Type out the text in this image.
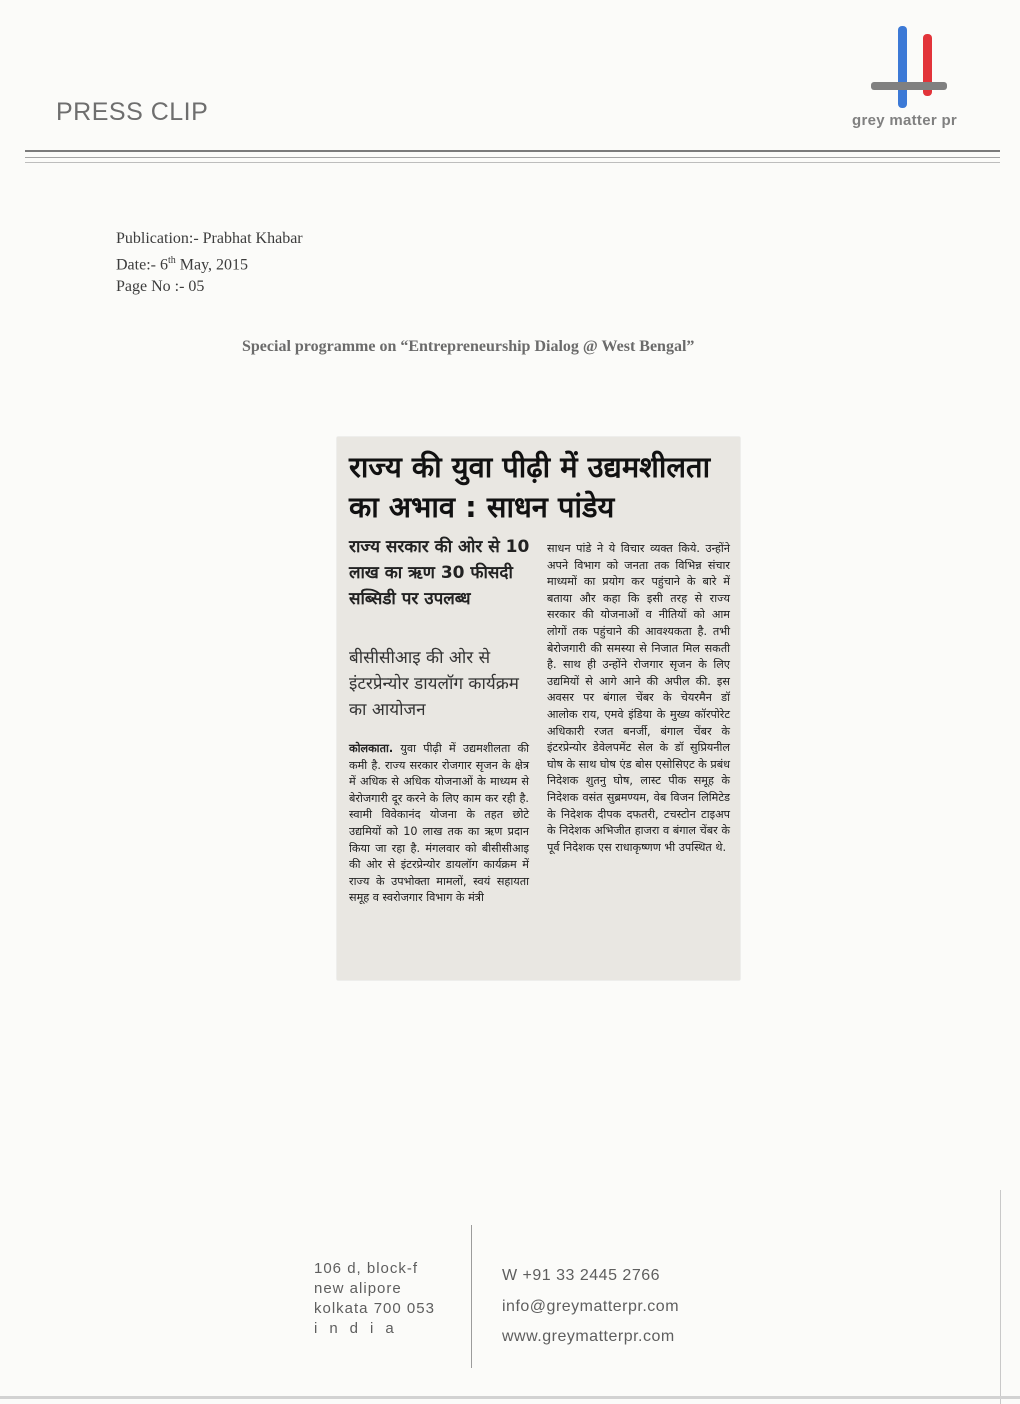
PRESS CLIP	grey matter pr
Publication:- Prabhat Khabar
Date:- 6th May, 2015
Page No :- 05
Special programme on “Entrepreneurship Dialog @ West Bengal”
राज्य की युवा पीढ़ी में उद्यमशीलता का अभाव : साधन पांडेय
राज्य सरकार की ओर से 10 लाख का ऋण 30 फीसदी सब्सिडी पर उपलब्ध
बीसीसीआइ की ओर से इंटरप्रेन्योर डायलॉग कार्यक्रम का आयोजन
कोलकाता. युवा पीढ़ी में उद्यमशीलता की कमी है. राज्य सरकार रोजगार सृजन के क्षेत्र में अधिक से अधिक योजनाओं के माध्यम से बेरोजगारी दूर करने के लिए काम कर रही है. स्वामी विवेकानंद योजना के तहत छोटे उद्यमियों को 10 लाख तक का ऋण प्रदान किया जा रहा है. मंगलवार को बीसीसीआइ की ओर से इंटरप्रेन्योर डायलॉग कार्यक्रम में राज्य के उपभोक्ता मामलों, स्वयं सहायता समूह व स्वरोजगार विभाग के मंत्री
साधन पांडे ने ये विचार व्यक्त किये. उन्होंने अपने विभाग को जनता तक विभिन्न संचार माध्यमों का प्रयोग कर पहुंचाने के बारे में बताया और कहा कि इसी तरह से राज्य सरकार की योजनाओं व नीतियों को आम लोगों तक पहुंचाने की आवश्यकता है. तभी बेरोजगारी की समस्या से निजात मिल सकती है. साथ ही उन्होंने रोजगार सृजन के लिए उद्यमियों से आगे आने की अपील की. इस अवसर पर बंगाल चेंबर के चेयरमैन डॉ आलोक राय, एमवे इंडिया के मुख्य कॉरपोरेट अधिकारी रजत बनर्जी, बंगाल चेंबर के इंटरप्रेन्योर डेवेलपमेंट सेल के डॉ सुप्रियनील घोष के साथ घोष एंड बोस एसोसिएट के प्रबंध निदेशक शुतनु घोष, लास्ट पीक समूह के निदेशक वसंत सुब्रमण्यम, वेब विजन लिमिटेड के निदेशक दीपक दफतरी, टचस्टोन टाइअप के निदेशक अभिजीत हाजरा व बंगाल चेंबर के पूर्व निदेशक एस राधाकृष्णण भी उपस्थित थे.
106 d, block-f
new alipore
kolkata 700 053
india
W +91 33 2445 2766
info@greymatterpr.com
www.greymatterpr.com
